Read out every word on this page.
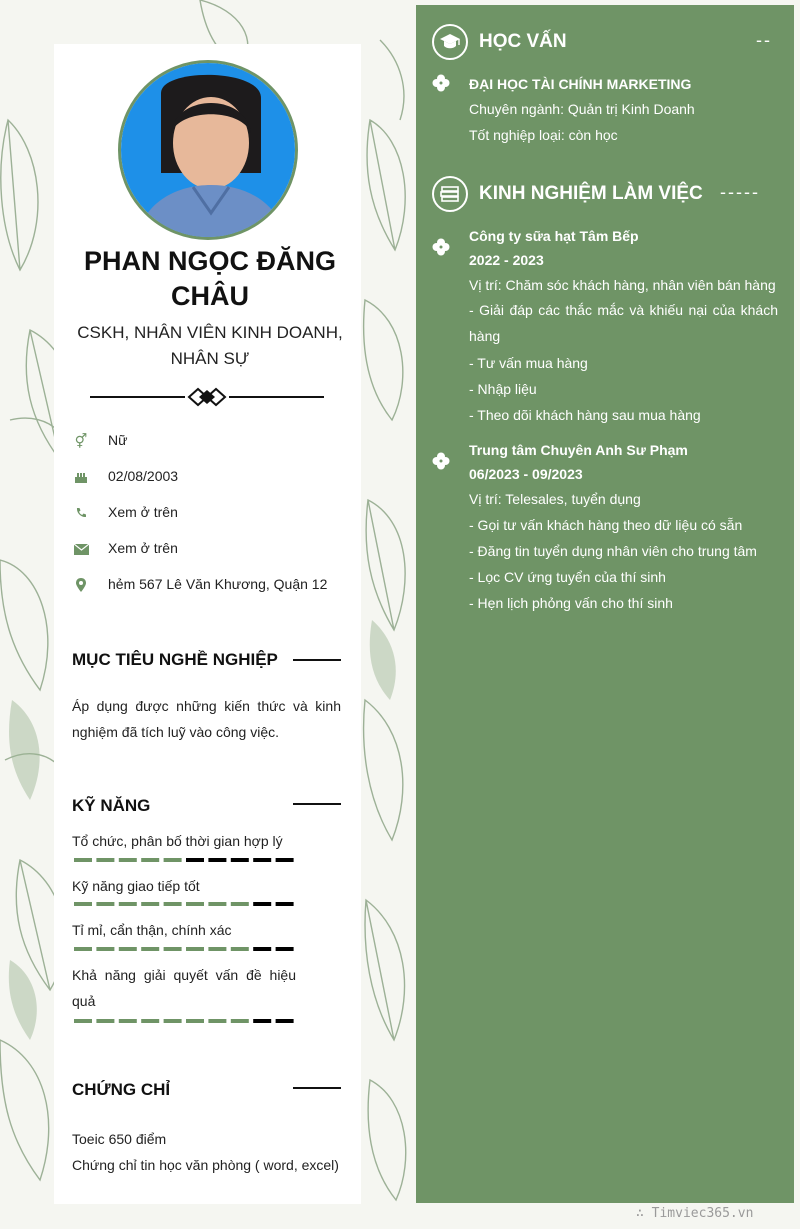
PHAN NGỌC ĐĂNG CHÂU
CSKH, NHÂN VIÊN KINH DOANH, NHÂN SỰ
⚥ Nữ
02/08/2003
Xem ở trên
Xem ở trên
hẻm 567 Lê Văn Khương, Quận 12
MỤC TIÊU NGHỀ NGHIỆP
Áp dụng được những kiến thức và kinh nghiệm đã tích luỹ vào công việc.
KỸ NĂNG
Tổ chức, phân bố thời gian hợp lý
Kỹ năng giao tiếp tốt
Tỉ mỉ, cẩn thận, chính xác
Khả năng giải quyết vấn đề hiệu quả
CHỨNG CHỈ
Toeic 650 điểm
Chứng chỉ tin học văn phòng ( word, excel)
HỌC VẤN	--
ĐẠI HỌC TÀI CHÍNH MARKETING
Chuyên ngành: Quản trị Kinh Doanh
Tốt nghiệp loại: còn học
KINH NGHIỆM LÀM VIỆC -----
Công ty sữa hạt Tâm Bếp
2022 - 2023
Vị trí: Chăm sóc khách hàng, nhân viên bán hàng
- Giải đáp các thắc mắc và khiếu nại của khách hàng
- Tư vấn mua hàng
- Nhập liệu
- Theo dõi khách hàng sau mua hàng
Trung tâm Chuyên Anh Sư Phạm
06/2023 - 09/2023
Vị trí: Telesales, tuyển dụng
- Gọi tư vấn khách hàng theo dữ liệu có sẵn
- Đăng tin tuyển dụng nhân viên cho trung tâm
- Lọc CV ứng tuyển của thí sinh
- Hẹn lịch phỏng vấn cho thí sinh
∴ Timviec365.vn
